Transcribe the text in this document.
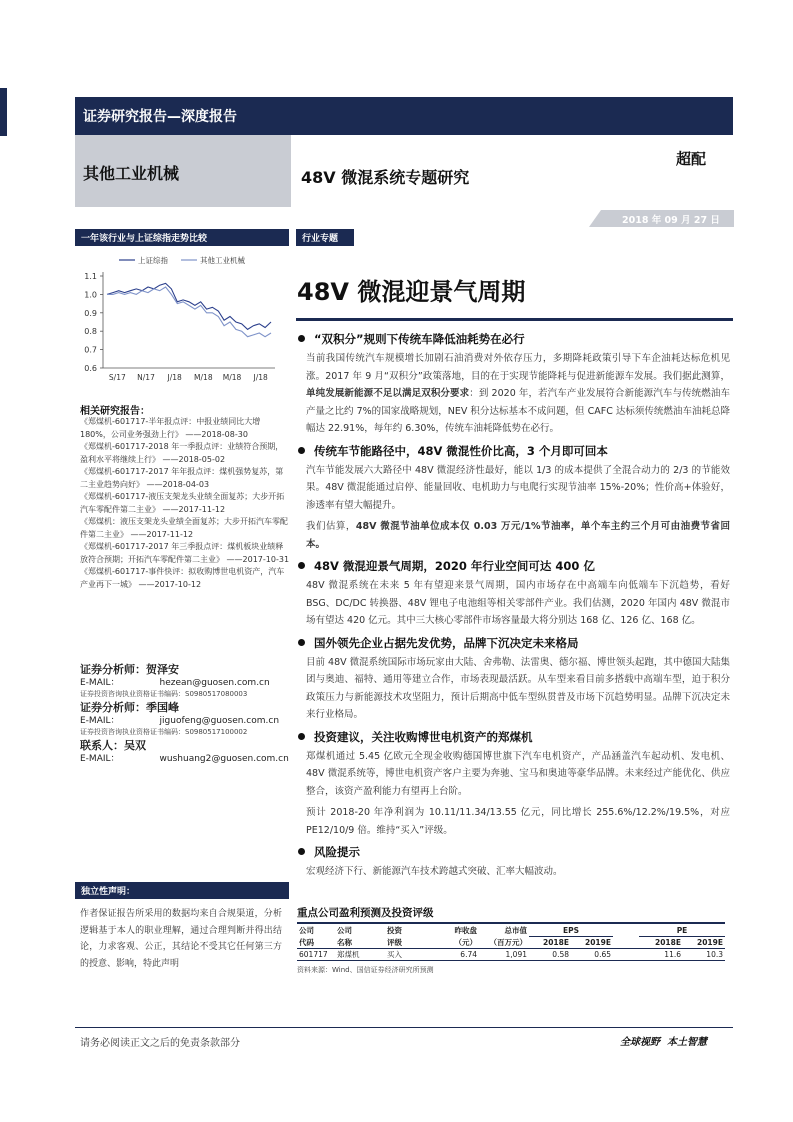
证券研究报告—深度报告
其他工业机械	48V 微混系统专题研究
超配
2018 年 09 月 27 日
一年该行业与上证综指走势比较
上证综指	其他工业机械
1.1
1.0
0.9
0.8
0.7
0.6
S/17 N/17 J/18 M/18 M/18 J/18
相关研究报告：
《郑煤机-601717-半年报点评：中报业绩同比大增 180%，公司业务强劲上行》 ——2018-08-30
《郑煤机-601717-2018 年一季报点评：业绩符合预期，盈利水平将继续上行》 ——2018-05-02
《郑煤机-601717-2017 年年报点评：煤机强势复苏，第二主业趋势向好》 ——2018-04-03
《郑煤机-601717-液压支架龙头业绩全面复苏；大步开拓汽车零配件第二主业》 ——2017-11-12
《郑煤机：液压支架龙头业绩全面复苏；大步开拓汽车零配件第二主业》 ——2017-11-12
《郑煤机-601717-2017 年三季报点评：煤机板块业绩释放符合预期；开拓汽车零配件第二主业》 ——2017-10-31
《郑煤机-601717-事件快评：拟收购博世电机资产，汽车产业再下一城》 ——2017-10-12
证券分析师：贺泽安
E-MAIL：	hezean@guosen.com.cn
证券投资咨询执业资格证书编码：S0980517080003
证券分析师：季国峰
E-MAIL：	jiguofeng@guosen.com.cn
证券投资咨询执业资格证书编码：S0980517100002
联系人：吴双
E-MAIL：	wushuang2@guosen.com.cn
独立性声明：
作者保证报告所采用的数据均来自合规渠道，分析逻辑基于本人的职业理解，通过合理判断并得出结论，力求客观、公正，其结论不受其它任何第三方的授意、影响，特此声明
行业专题
48V 微混迎景气周期
“双积分”规则下传统车降低油耗势在必行

当前我国传统汽车规模增长加剧石油消费对外依存压力，多期降耗政策引导下车企油耗达标危机见涨。2017 年 9 月“双积分”政策落地，目的在于实现节能降耗与促进新能源车发展。我们据此测算，单纯发展新能源不足以满足双积分要求：到 2020 年，若汽车产业发展符合新能源汽车与传统燃油车产量之比约 7%的国家战略规划，NEV 积分达标基本不成问题，但 CAFC 达标须传统燃油车油耗总降幅达 22.91%，每年约 6.30%，传统车油耗降低势在必行。

传统车节能路径中，48V 微混性价比高，3 个月即可回本

汽车节能发展六大路径中 48V 微混经济性最好，能以 1/3 的成本提供了全混合动力的 2/3 的节能效果。48V 微混能通过启停、能量回收、电机助力与电爬行实现节油率 15%-20%；性价高+体验好，渗透率有望大幅提升。

我们估算，48V 微混节油单位成本仅 0.03 万元/1%节油率，单个车主约三个月可由油费节省回本。

48V 微混迎景气周期，2020 年行业空间可达 400 亿

48V 微混系统在未来 5 年有望迎来景气周期，国内市场存在中高端车向低端车下沉趋势，看好 BSG、DC/DC 转换器、48V 锂电子电池组等相关零部件产业。我们估测，2020 年国内 48V 微混市场有望达 420 亿元。其中三大核心零部件市场容量最大将分别达 168 亿、126 亿、168 亿。

国外领先企业占据先发优势，品牌下沉决定未来格局

目前 48V 微混系统国际市场玩家由大陆、舍弗勒、法雷奥、德尔福、博世领头起跑，其中德国大陆集团与奥迪、福特、通用等建立合作，市场表现最活跃。从车型来看目前多搭载中高端车型，迫于积分政策压力与新能源技术攻坚阻力，预计后期高中低车型纵贯普及市场下沉趋势明显。品牌下沉决定未来行业格局。

投资建议，关注收购博世电机资产的郑煤机

郑煤机通过 5.45 亿欧元全现金收购德国博世旗下汽车电机资产，产品涵盖汽车起动机、发电机、48V 微混系统等，博世电机资产客户主要为奔驰、宝马和奥迪等豪华品牌。未来经过产能优化、供应整合，该资产盈利能力有望再上台阶。

预计 2018-20 年净利润为 10.11/11.34/13.55 亿元，同比增长 255.6%/12.2%/19.5%，对应 PE12/10/9 倍。维持“买入”评级。

风险提示

宏观经济下行、新能源汽车技术跨越式突破、汇率大幅波动。

重点公司盈利预测及投资评级
公司	公司	投资	昨收盘	总市值	EPS			PE	
代码	名称	评级	（元）	（百万元）	2018E	2019E		2018E	2019E
601717	郑煤机	买入	6.74	1,091	0.58	0.65		11.6	10.3
资料来源：Wind、国信证券经济研究所预测
请务必阅读正文之后的免责条款部分	全球视野  本土智慧
